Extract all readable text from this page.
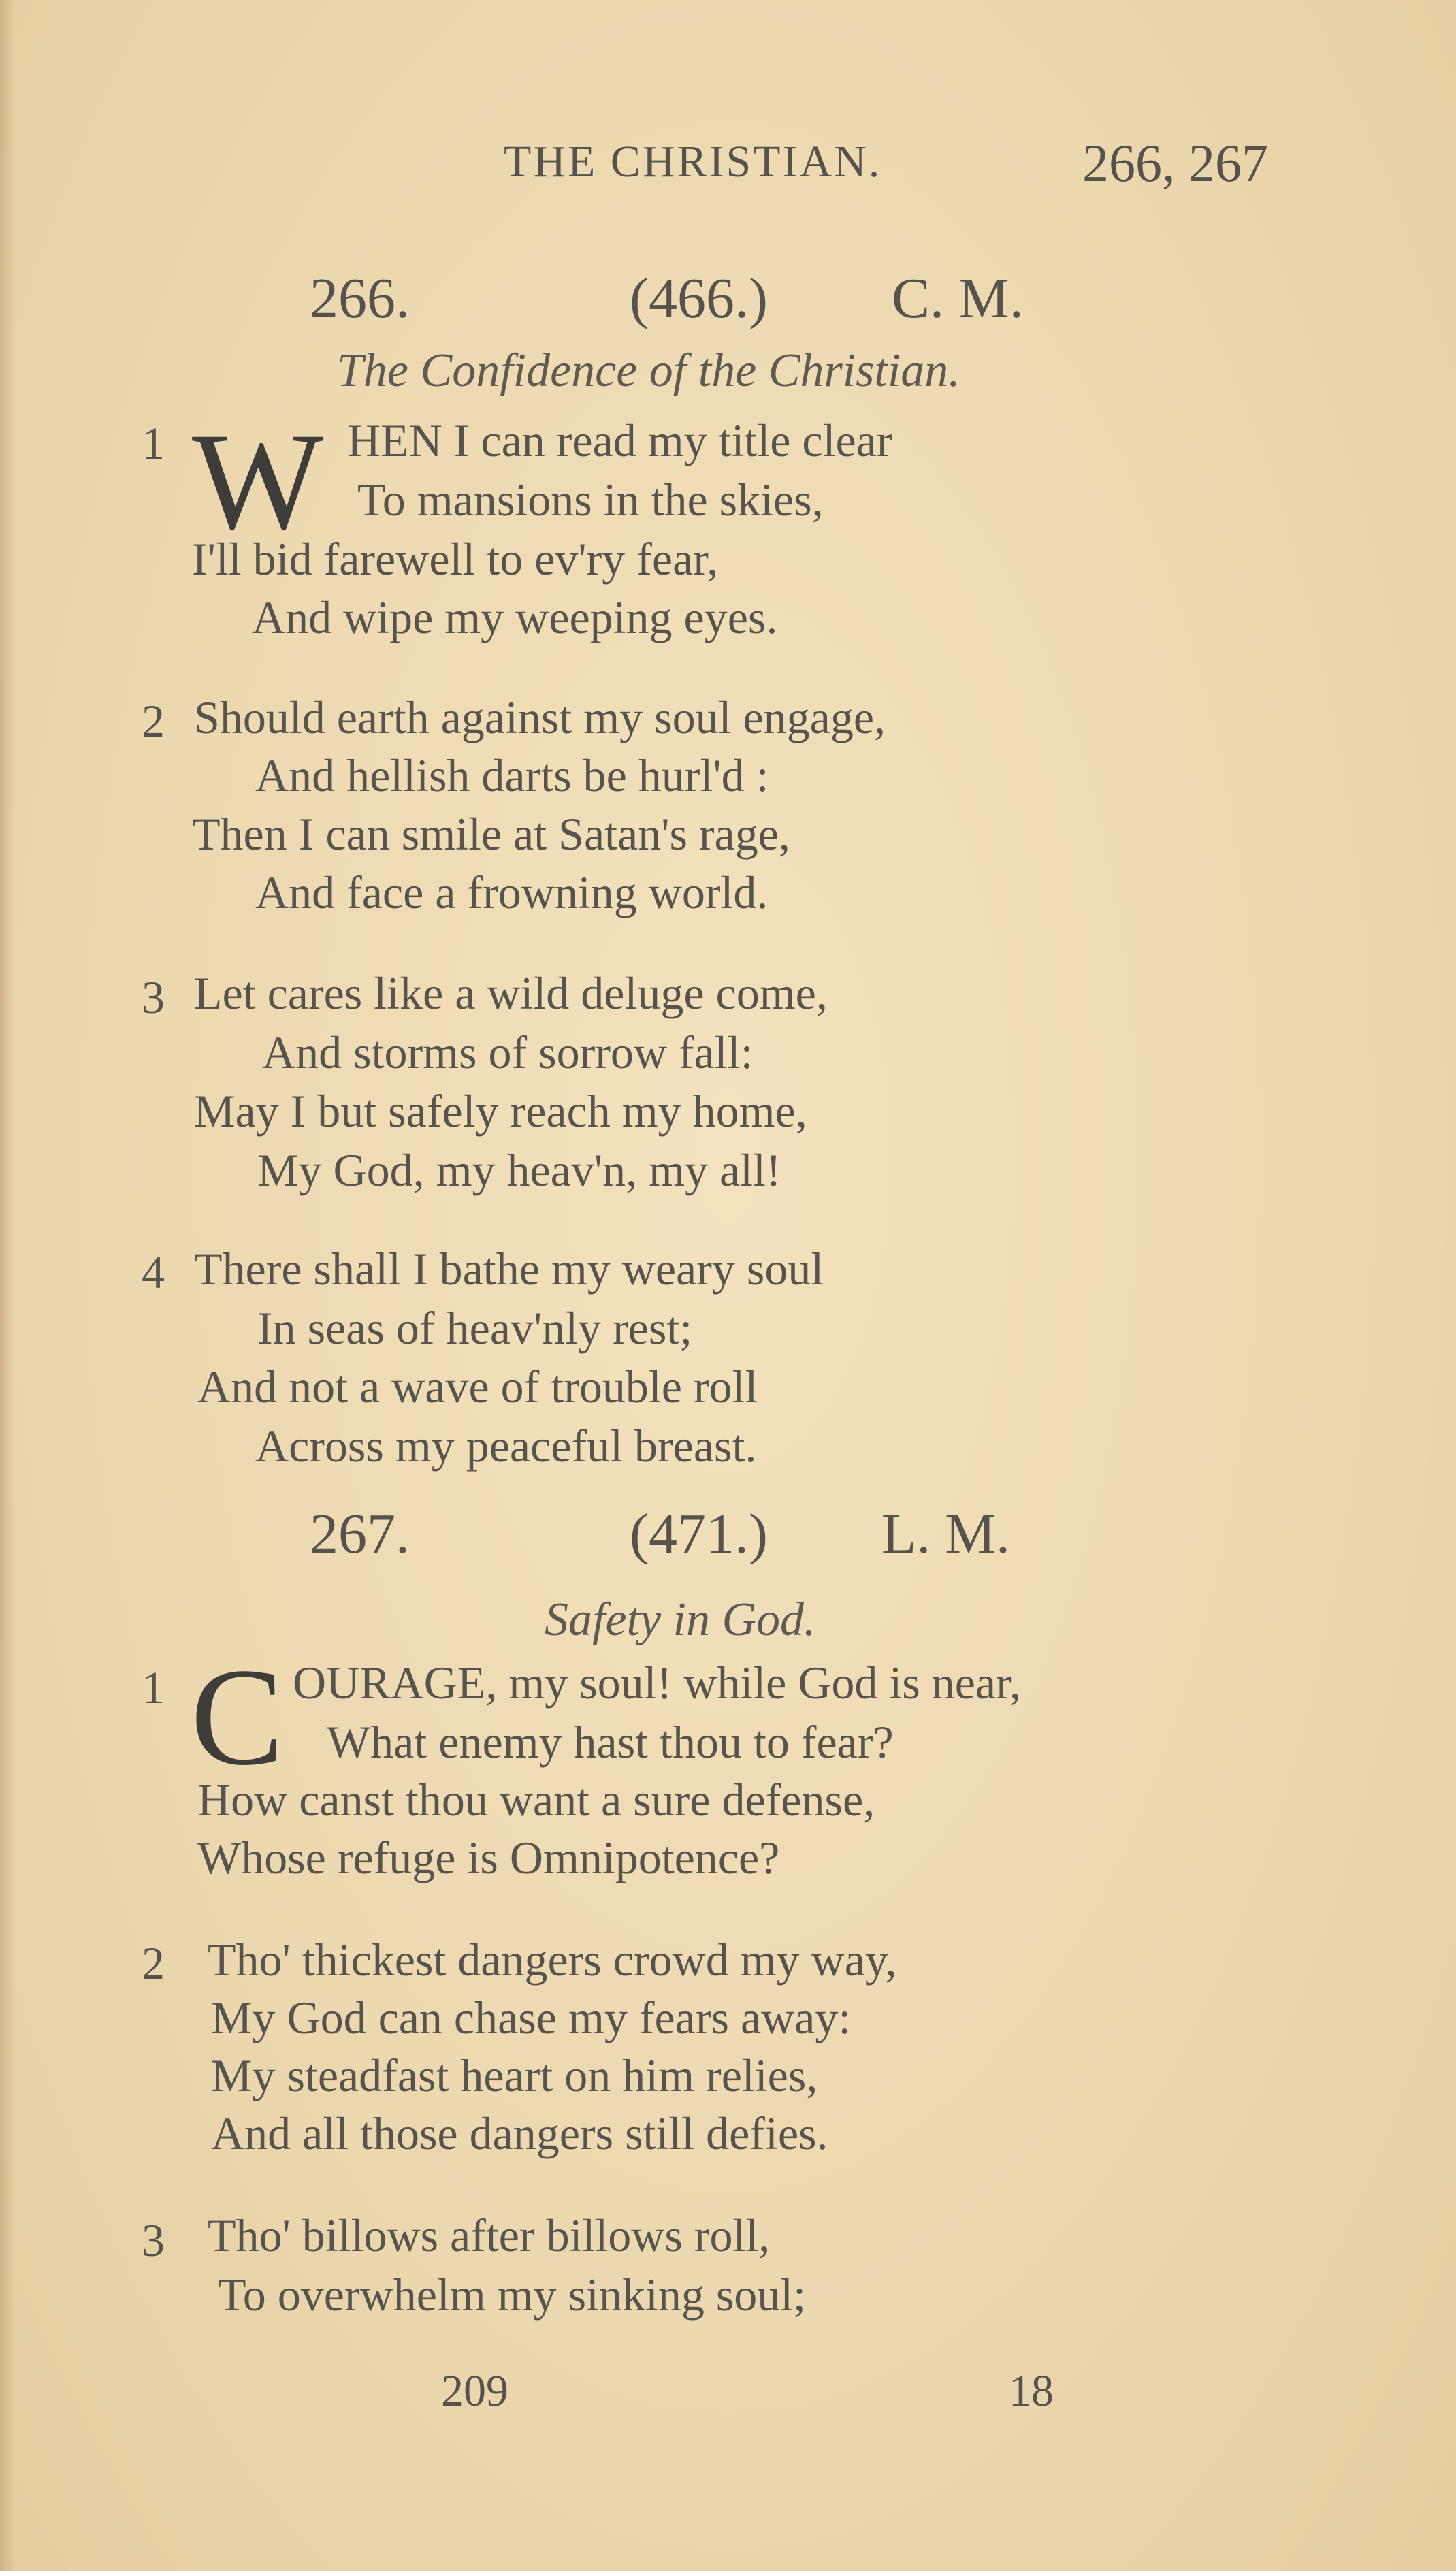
THE CHRISTIAN.	266, 267
266.	(466.) C. M.
The Confidence of the Christian.
W
1	HEN I can read my title clear
To mansions in the skies,
I'll bid farewell to ev'ry fear,
And wipe my weeping eyes.
2 Should earth against my soul engage,
And hellish darts be hurl'd :
Then I can smile at Satan's rage,
And face a frowning world.
3 Let cares like a wild deluge come,
And storms of sorrow fall:
May I but safely reach my home,
My God, my heav'n, my all!
4 There shall I bathe my weary soul
In seas of heav'nly rest;
And not a wave of trouble roll
Across my peaceful breast.
267.	(471.) L. M.
Safety in God.
C
1	OURAGE, my soul! while God is near,
What enemy hast thou to fear?
How canst thou want a sure defense,
Whose refuge is Omnipotence?
2 Tho' thickest dangers crowd my way,
My God can chase my fears away:
My steadfast heart on him relies,
And all those dangers still defies.
3 Tho' billows after billows roll,
To overwhelm my sinking soul;
209	18
